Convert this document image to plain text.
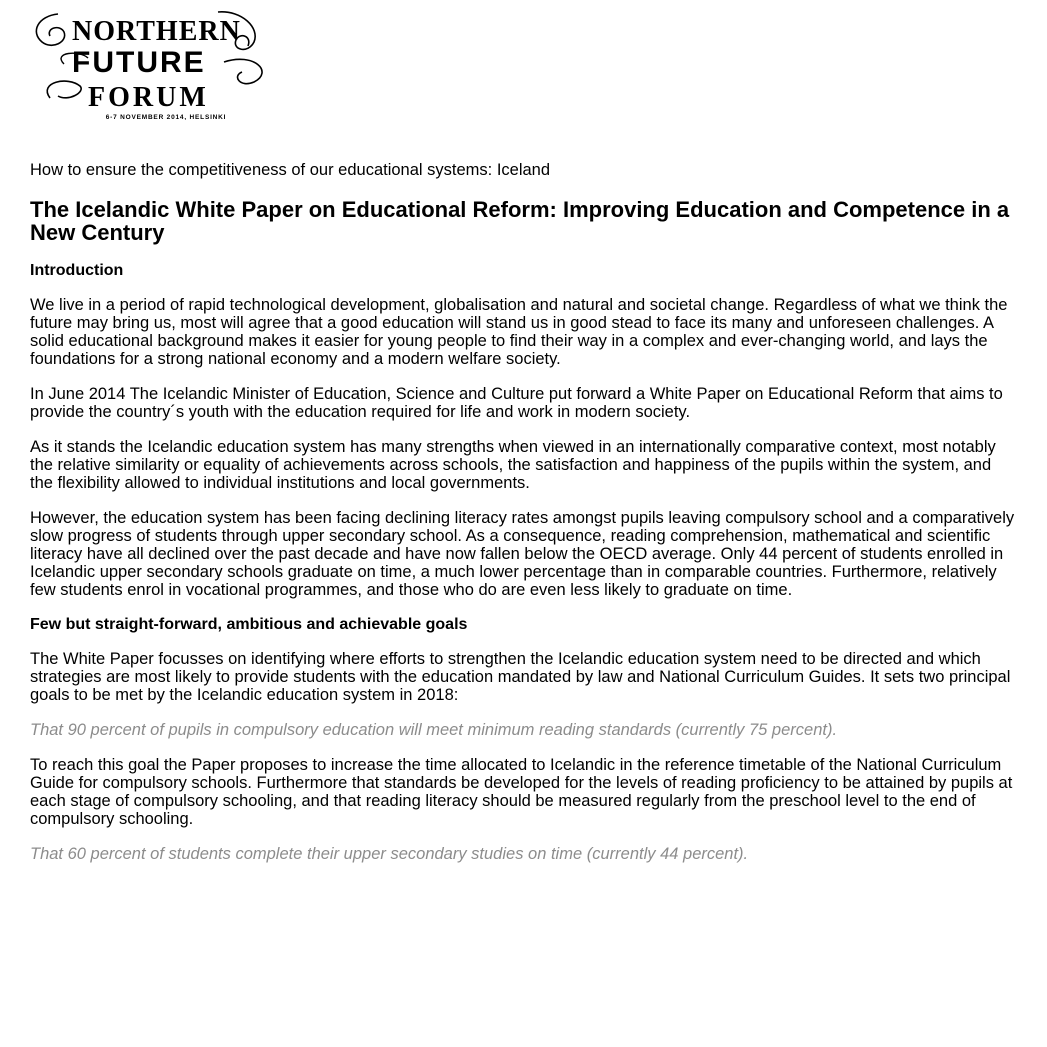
NORTHERN
FUTURE
FORUM
6-7 NOVEMBER 2014, HELSINKI
How to ensure the competitiveness of our educational systems: Iceland
The Icelandic White Paper on Educational Reform: Improving Education and Competence in a New Century
Introduction
We live in a period of rapid technological development, globalisation and natural and societal change. Regardless of what we think the future may bring us, most will agree that a good education will stand us in good stead to face its many and unforeseen challenges. A solid educational background makes it easier for young people to find their way in a complex and ever-changing world, and lays the foundations for a strong national economy and a modern welfare society.
In June 2014 The Icelandic Minister of Education, Science and Culture put forward a White Paper on Educational Reform that aims to provide the country´s youth with the education required for life and work in modern society.
As it stands the Icelandic education system has many strengths when viewed in an internationally comparative context, most notably the relative similarity or equality of achievements across schools, the satisfaction and happiness of the pupils within the system, and the flexibility allowed to individual institutions and local governments.
However, the education system has been facing declining literacy rates amongst pupils leaving compulsory school and a comparatively slow progress of students through upper secondary school. As a consequence, reading comprehension, mathematical and scientific literacy have all declined over the past decade and have now fallen below the OECD average. Only 44 percent of students enrolled in Icelandic upper secondary schools graduate on time, a much lower percentage than in comparable countries. Furthermore, relatively few students enrol in vocational programmes, and those who do are even less likely to graduate on time.
Few but straight-forward, ambitious and achievable goals
The White Paper focusses on identifying where efforts to strengthen the Icelandic education system need to be directed and which strategies are most likely to provide students with the education mandated by law and National Curriculum Guides. It sets two principal goals to be met by the Icelandic education system in 2018:
That 90 percent of pupils in compulsory education will meet minimum reading standards (currently 75 percent).
To reach this goal the Paper proposes to increase the time allocated to Icelandic in the reference timetable of the National Curriculum Guide for compulsory schools. Furthermore that standards be developed for the levels of reading proficiency to be attained by pupils at each stage of compulsory schooling, and that reading literacy should be measured regularly from the preschool level to the end of compulsory schooling.
That 60 percent of students complete their upper secondary studies on time (currently 44 percent).
